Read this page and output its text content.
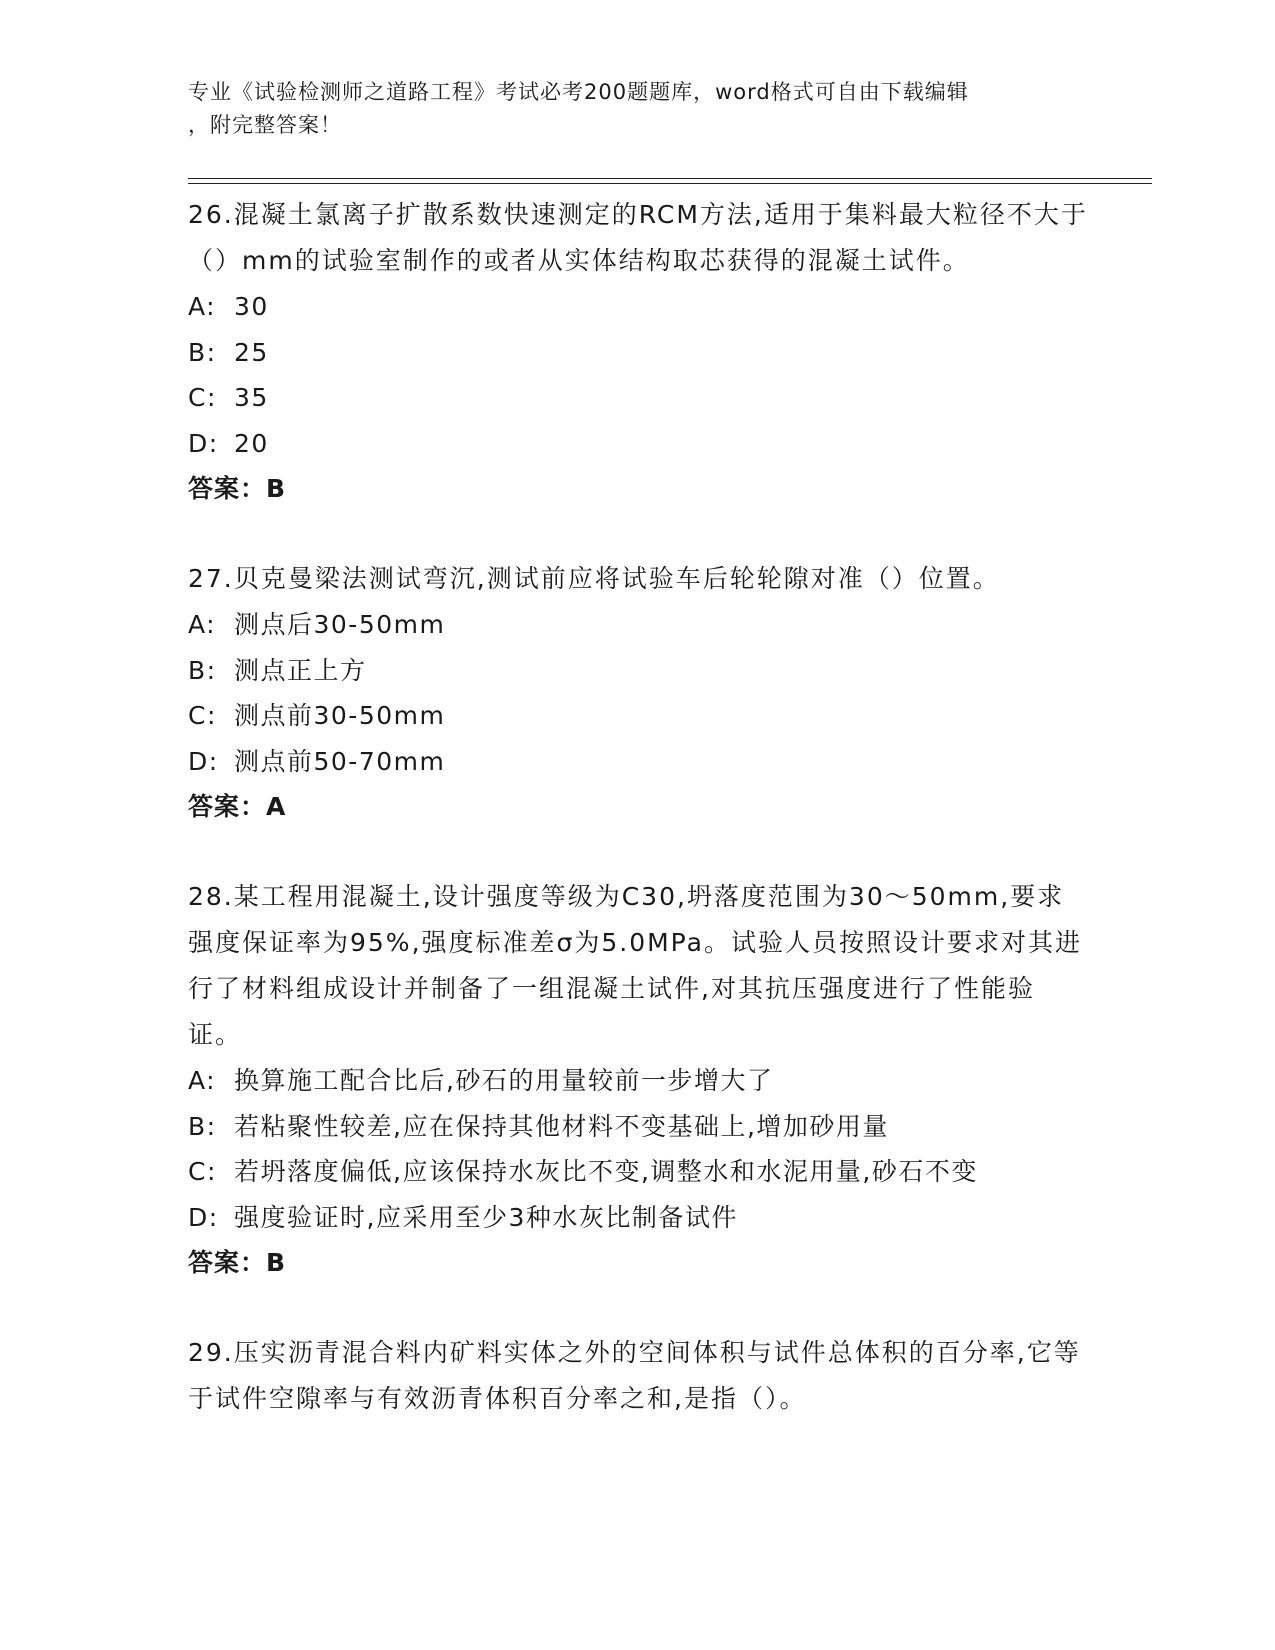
专业《试验检测师之道路工程》考试必考200题题库，word格式可自由下载编辑
，附完整答案！

26.混凝土氯离子扩散系数快速测定的RCM方法,适用于集料最大粒径不大于（）mm的试验室制作的或者从实体结构取芯获得的混凝土试件。

A: 30

B: 25

C: 35

D: 20

答案：B

27.贝克曼梁法测试弯沉,测试前应将试验车后轮轮隙对准（）位置。

A: 测点后30-50mm

B: 测点正上方

C: 测点前30-50mm

D: 测点前50-70mm

答案：A

28.某工程用混凝土,设计强度等级为C30,坍落度范围为30～50mm,要求强度保证率为95%,强度标准差σ为5.0MPa。试验人员按照设计要求对其进行了材料组成设计并制备了一组混凝土试件,对其抗压强度进行了性能验证。

A: 换算施工配合比后,砂石的用量较前一步增大了

B: 若粘聚性较差,应在保持其他材料不变基础上,增加砂用量

C: 若坍落度偏低,应该保持水灰比不变,调整水和水泥用量,砂石不变

D: 强度验证时,应采用至少3种水灰比制备试件

答案：B

29.压实沥青混合料内矿料实体之外的空间体积与试件总体积的百分率,它等于试件空隙率与有效沥青体积百分率之和,是指（）。
